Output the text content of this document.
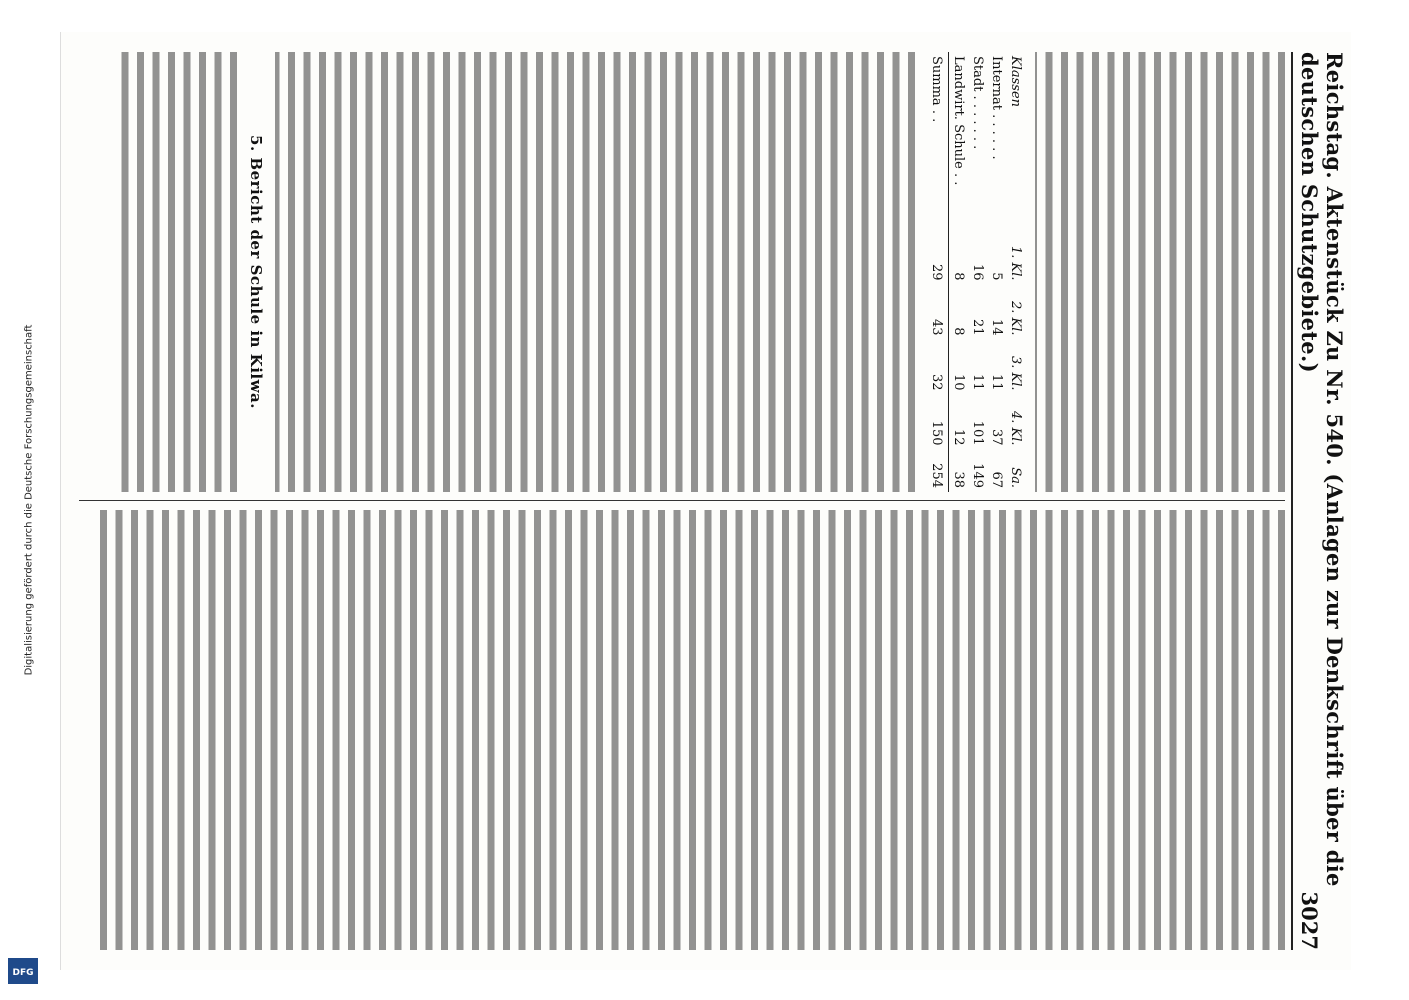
Reichstag. Aktenstück Zu Nr. 540. (Anlagen zur Denkschrift über die deutschen Schutzgebiete.)
3027
Klassen	1. Kl.	2. Kl.	3. Kl.	4. Kl.	Sa.
Internat . . . . . .	5	14	11	37	67
Stadt . . . . . . .	16	21	11	101	149
Landwirt. Schule . .	8	8	10	12	38
Summa . .	29	43	32	150	254
5. Bericht der Schule in Kilwa.
Digitalisierung gefördert durch die Deutsche Forschungsgemeinschaft
DFG
